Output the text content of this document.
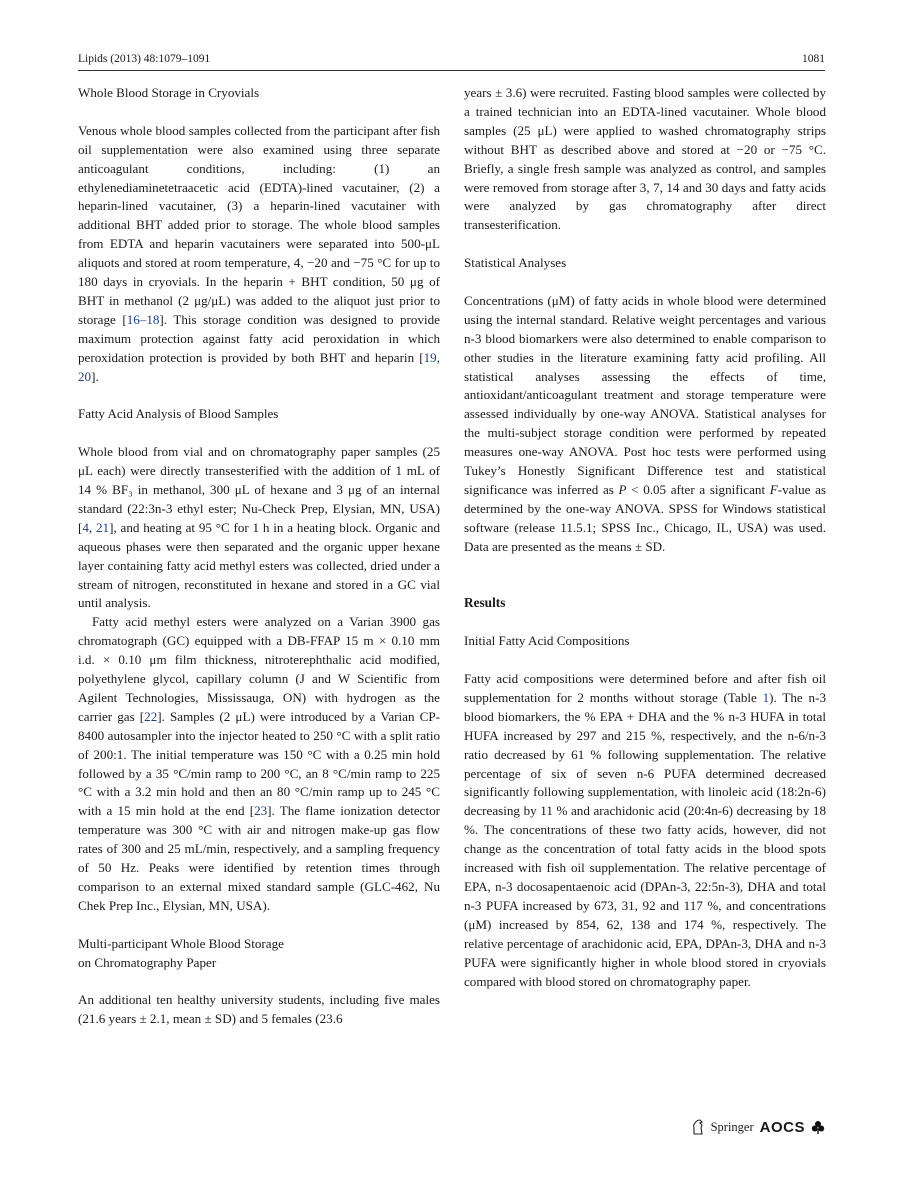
Lipids (2013) 48:1079–1091	1081
Whole Blood Storage in Cryovials

Venous whole blood samples collected from the participant after fish oil supplementation were also examined using three separate anticoagulant conditions, including: (1) an ethylenediaminetetraacetic acid (EDTA)-lined vacutainer, (2) a heparin-lined vacutainer, (3) a heparin-lined vacutainer with additional BHT added prior to storage. The whole blood samples from EDTA and heparin vacutainers were separated into 500-μL aliquots and stored at room temperature, 4, −20 and −75 °C for up to 180 days in cryovials. In the heparin + BHT condition, 50 μg of BHT in methanol (2 μg/μL) was added to the aliquot just prior to storage [16–18]. This storage condition was designed to provide maximum protection against fatty acid peroxidation in which peroxidation protection is provided by both BHT and heparin [19, 20].

Fatty Acid Analysis of Blood Samples

Whole blood from vial and on chromatography paper samples (25 μL each) were directly transesterified with the addition of 1 mL of 14 % BF₃ in methanol, 300 μL of hexane and 3 μg of an internal standard (22:3n-3 ethyl ester; Nu-Check Prep, Elysian, MN, USA) [4, 21], and heating at 95 °C for 1 h in a heating block. Organic and aqueous phases were then separated and the organic upper hexane layer containing fatty acid methyl esters was collected, dried under a stream of nitrogen, reconstituted in hexane and stored in a GC vial until analysis.

Fatty acid methyl esters were analyzed on a Varian 3900 gas chromatograph (GC) equipped with a DB-FFAP 15 m × 0.10 mm i.d. × 0.10 μm film thickness, nitroterephthalic acid modified, polyethylene glycol, capillary column (J and W Scientific from Agilent Technologies, Mississauga, ON) with hydrogen as the carrier gas [22]. Samples (2 μL) were introduced by a Varian CP-8400 autosampler into the injector heated to 250 °C with a split ratio of 200:1. The initial temperature was 150 °C with a 0.25 min hold followed by a 35 °C/min ramp to 200 °C, an 8 °C/min ramp to 225 °C with a 3.2 min hold and then an 80 °C/min ramp up to 245 °C with a 15 min hold at the end [23]. The flame ionization detector temperature was 300 °C with air and nitrogen make-up gas flow rates of 300 and 25 mL/min, respectively, and a sampling frequency of 50 Hz. Peaks were identified by retention times through comparison to an external mixed standard sample (GLC-462, Nu Chek Prep Inc., Elysian, MN, USA).

Multi-participant Whole Blood Storage
on Chromatography Paper

An additional ten healthy university students, including five males (21.6 years ± 2.1, mean ± SD) and 5 females (23.6

years ± 3.6) were recruited. Fasting blood samples were collected by a trained technician into an EDTA-lined vacutainer. Whole blood samples (25 μL) were applied to washed chromatography strips without BHT as described above and stored at −20 or −75 °C. Briefly, a single fresh sample was analyzed as control, and samples were removed from storage after 3, 7, 14 and 30 days and fatty acids were analyzed by gas chromatography after direct transesterification.

Statistical Analyses

Concentrations (μM) of fatty acids in whole blood were determined using the internal standard. Relative weight percentages and various n-3 blood biomarkers were also determined to enable comparison to other studies in the literature examining fatty acid profiling. All statistical analyses assessing the effects of time, antioxidant/anticoagulant treatment and storage temperature were assessed individually by one-way ANOVA. Statistical analyses for the multi-subject storage condition were performed by repeated measures one-way ANOVA. Post hoc tests were performed using Tukey’s Honestly Significant Difference test and statistical significance was inferred as P < 0.05 after a significant F-value as determined by the one-way ANOVA. SPSS for Windows statistical software (release 11.5.1; SPSS Inc., Chicago, IL, USA) was used. Data are presented as the means ± SD.

Results
Initial Fatty Acid Compositions

Fatty acid compositions were determined before and after fish oil supplementation for 2 months without storage (Table 1). The n-3 blood biomarkers, the % EPA + DHA and the % n-3 HUFA in total HUFA increased by 297 and 215 %, respectively, and the n-6/n-3 ratio decreased by 61 % following supplementation. The relative percentage of six of seven n-6 PUFA determined decreased significantly following supplementation, with linoleic acid (18:2n-6) decreasing by 11 % and arachidonic acid (20:4n-6) decreasing by 18 %. The concentrations of these two fatty acids, however, did not change as the concentration of total fatty acids in the blood spots increased with fish oil supplementation. The relative percentage of EPA, n-3 docosapentaenoic acid (DPAn-3, 22:5n-3), DHA and total n-3 PUFA increased by 673, 31, 92 and 117 %, and concentrations (μM) increased by 854, 62, 138 and 174 %, respectively. The relative percentage of arachidonic acid, EPA, DPAn-3, DHA and n-3 PUFA were significantly higher in whole blood stored in cryovials compared with blood stored on chromatography paper.

Springer AOCS
